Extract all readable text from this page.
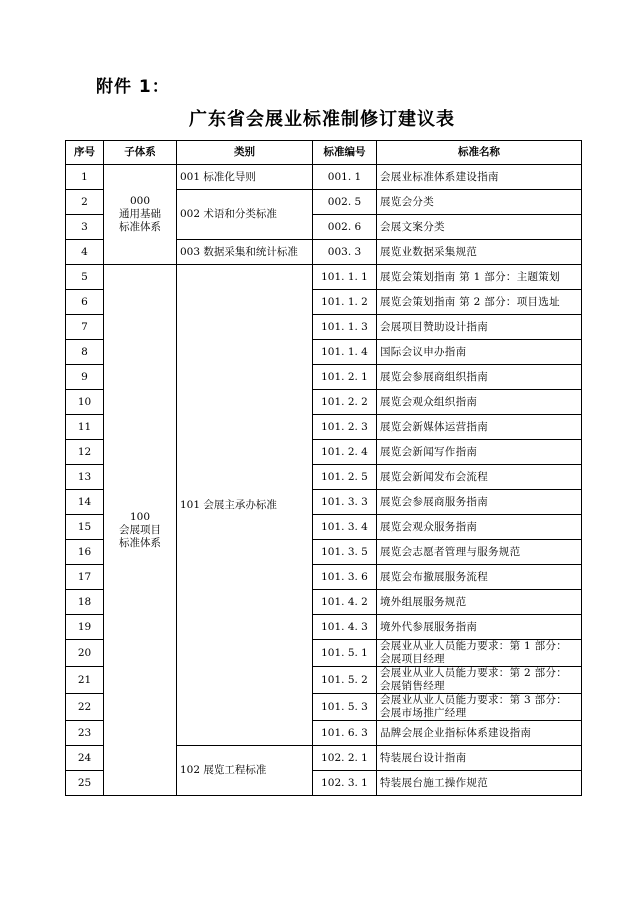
附件 1：
广东省会展业标准制修订建议表
序号	子体系	类别	标准编号	标准名称
1	000
通用基础
标准体系	001 标准化导则	001. 1	会展业标准体系建设指南
2		002 术语和分类标准	002. 5	展览会分类
3			002. 6	会展文案分类
4		003 数据采集和统计标准	003. 3	展览业数据采集规范
5	100
会展项目
标准体系	101 会展主承办标准	101. 1. 1	展览会策划指南 第 1 部分：主题策划
6			101. 1. 2	展览会策划指南 第 2 部分：项目选址
7			101. 1. 3	会展项目赞助设计指南
8			101. 1. 4	国际会议申办指南
9			101. 2. 1	展览会参展商组织指南
10			101. 2. 2	展览会观众组织指南
11			101. 2. 3	展览会新媒体运营指南
12			101. 2. 4	展览会新闻写作指南
13			101. 2. 5	展览会新闻发布会流程
14			101. 3. 3	展览会参展商服务指南
15			101. 3. 4	展览会观众服务指南
16			101. 3. 5	展览会志愿者管理与服务规范
17			101. 3. 6	展览会布撤展服务流程
18			101. 4. 2	境外组展服务规范
19			101. 4. 3	境外代参展服务指南
20			101. 5. 1	会展业从业人员能力要求：第 1 部分：
会展项目经理

21			101. 5. 2	会展业从业人员能力要求：第 2 部分：
会展销售经理

22			101. 5. 3	会展业从业人员能力要求：第 3 部分：
会展市场推广经理

23			101. 6. 3	品牌会展企业指标体系建设指南
24		102 展览工程标准	102. 2. 1	特装展台设计指南
25			102. 3. 1	特装展台施工操作规范
